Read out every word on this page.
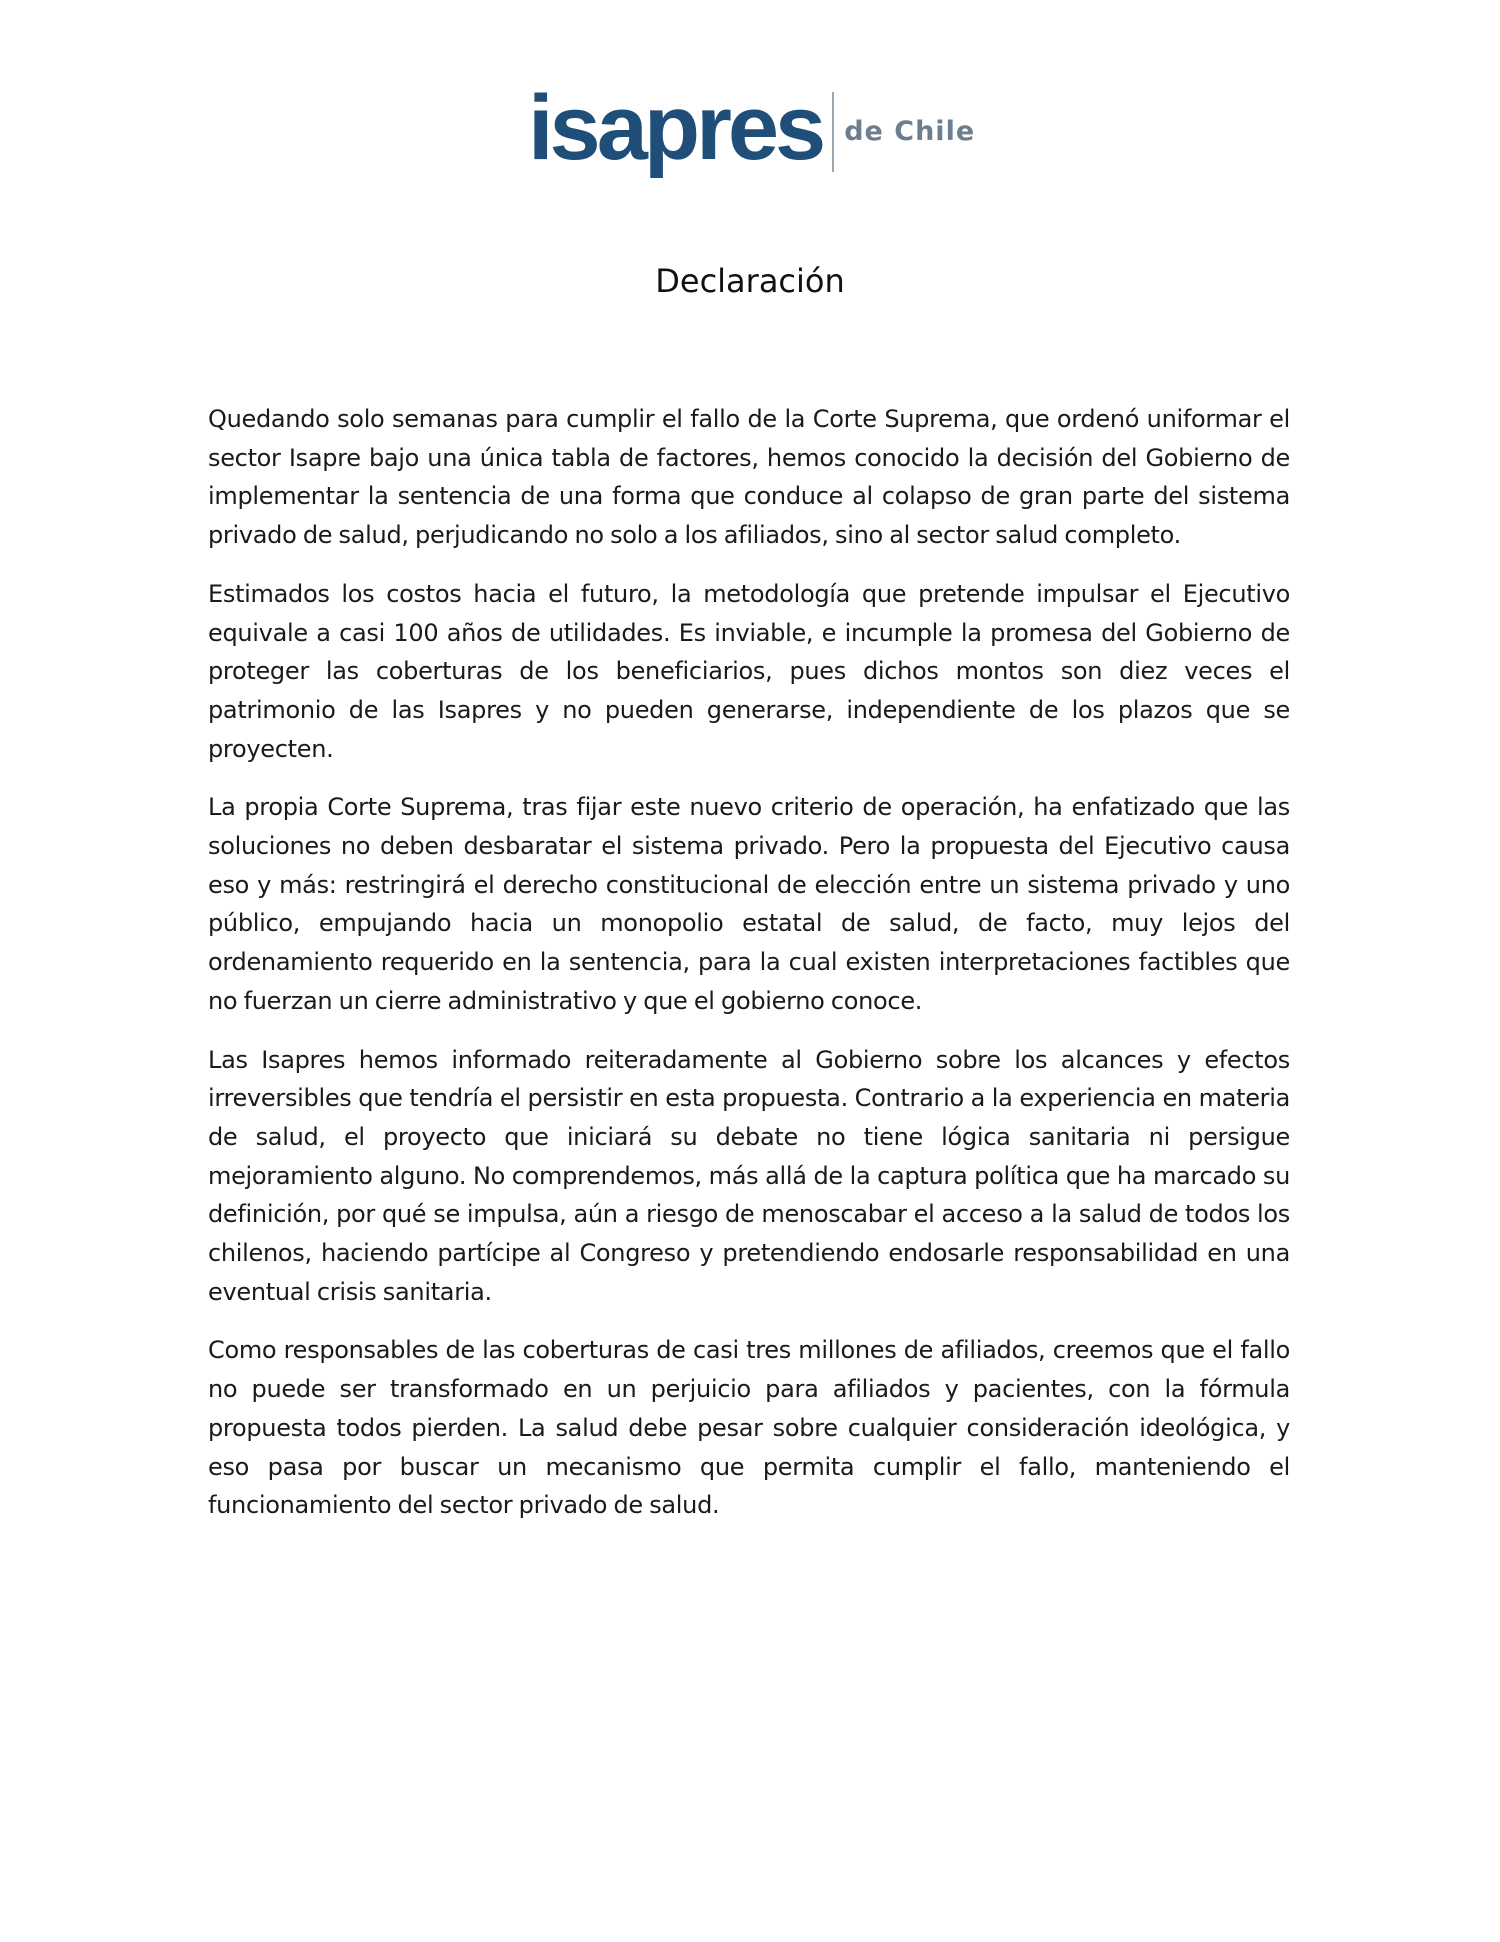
isapres de Chile
Declaración

Quedando solo semanas para cumplir el fallo de la Corte Suprema, que ordenó uniformar el sector Isapre bajo una única tabla de factores, hemos conocido la decisión del Gobierno de implementar la sentencia de una forma que conduce al colapso de gran parte del sistema privado de salud, perjudicando no solo a los afiliados, sino al sector salud completo.

Estimados los costos hacia el futuro, la metodología que pretende impulsar el Ejecutivo equivale a casi 100 años de utilidades. Es inviable, e incumple la promesa del Gobierno de proteger las coberturas de los beneficiarios, pues dichos montos son diez veces el patrimonio de las Isapres y no pueden generarse, independiente de los plazos que se proyecten.

La propia Corte Suprema, tras fijar este nuevo criterio de operación, ha enfatizado que las soluciones no deben desbaratar el sistema privado. Pero la propuesta del Ejecutivo causa eso y más: restringirá el derecho constitucional de elección entre un sistema privado y uno público, empujando hacia un monopolio estatal de salud, de facto, muy lejos del ordenamiento requerido en la sentencia, para la cual existen interpretaciones factibles que no fuerzan un cierre administrativo y que el gobierno conoce.

Las Isapres hemos informado reiteradamente al Gobierno sobre los alcances y efectos irreversibles que tendría el persistir en esta propuesta. Contrario a la experiencia en materia de salud, el proyecto que iniciará su debate no tiene lógica sanitaria ni persigue mejoramiento alguno. No comprendemos, más allá de la captura política que ha marcado su definición, por qué se impulsa, aún a riesgo de menoscabar el acceso a la salud de todos los chilenos, haciendo partícipe al Congreso y pretendiendo endosarle responsabilidad en una eventual crisis sanitaria.

Como responsables de las coberturas de casi tres millones de afiliados, creemos que el fallo no puede ser transformado en un perjuicio para afiliados y pacientes, con la fórmula propuesta todos pierden. La salud debe pesar sobre cualquier consideración ideológica, y eso pasa por buscar un mecanismo que permita cumplir el fallo, manteniendo el funcionamiento del sector privado de salud.
